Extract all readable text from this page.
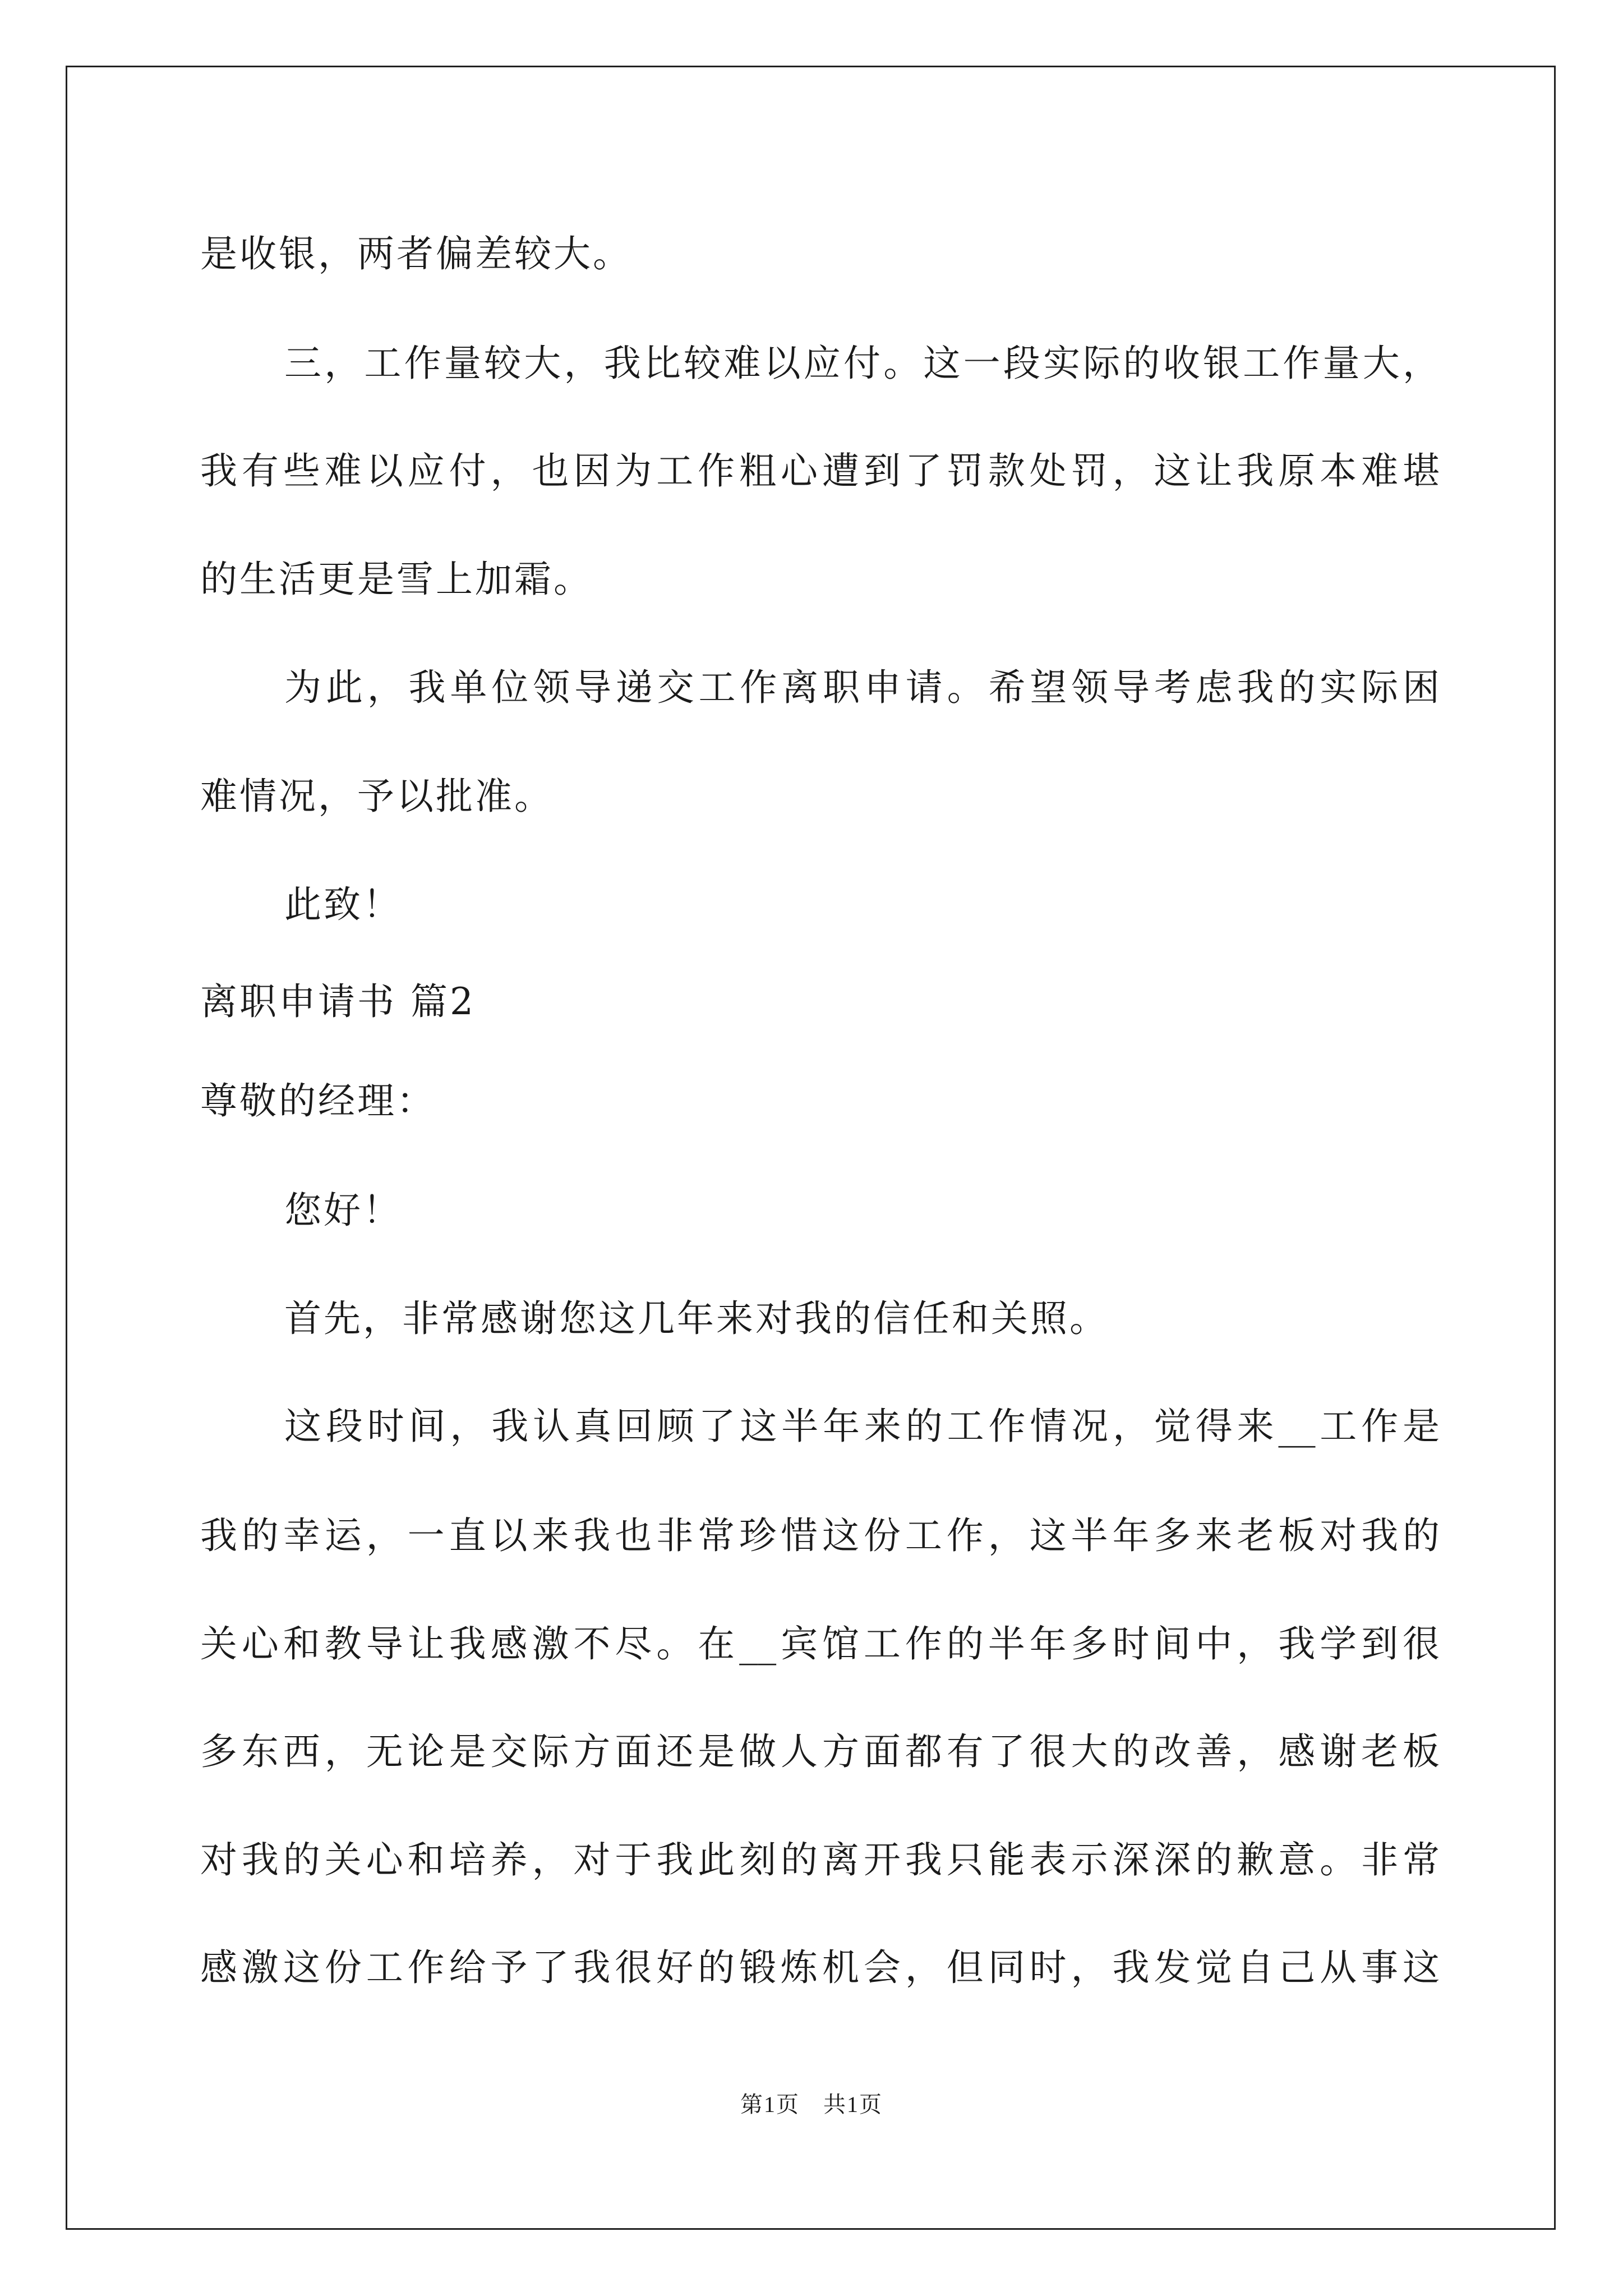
是收银，两者偏差较大。
三，工作量较大，我比较难以应付。这一段实际的收银工作量大，
我有些难以应付，也因为工作粗心遭到了罚款处罚，这让我原本难堪
的生活更是雪上加霜。
为此，我单位领导递交工作离职申请。希望领导考虑我的实际困
难情况，予以批准。
此致！
离职申请书 篇2
尊敬的经理：
您好！
首先，非常感谢您这几年来对我的信任和关照。
这段时间，我认真回顾了这半年来的工作情况，觉得来__工作是
我的幸运，一直以来我也非常珍惜这份工作，这半年多来老板对我的
关心和教导让我感激不尽。在__宾馆工作的半年多时间中，我学到很
多东西，无论是交际方面还是做人方面都有了很大的改善，感谢老板
对我的关心和培养，对于我此刻的离开我只能表示深深的歉意。非常
感激这份工作给予了我很好的锻炼机会，但同时，我发觉自己从事这
第1页　共1页
